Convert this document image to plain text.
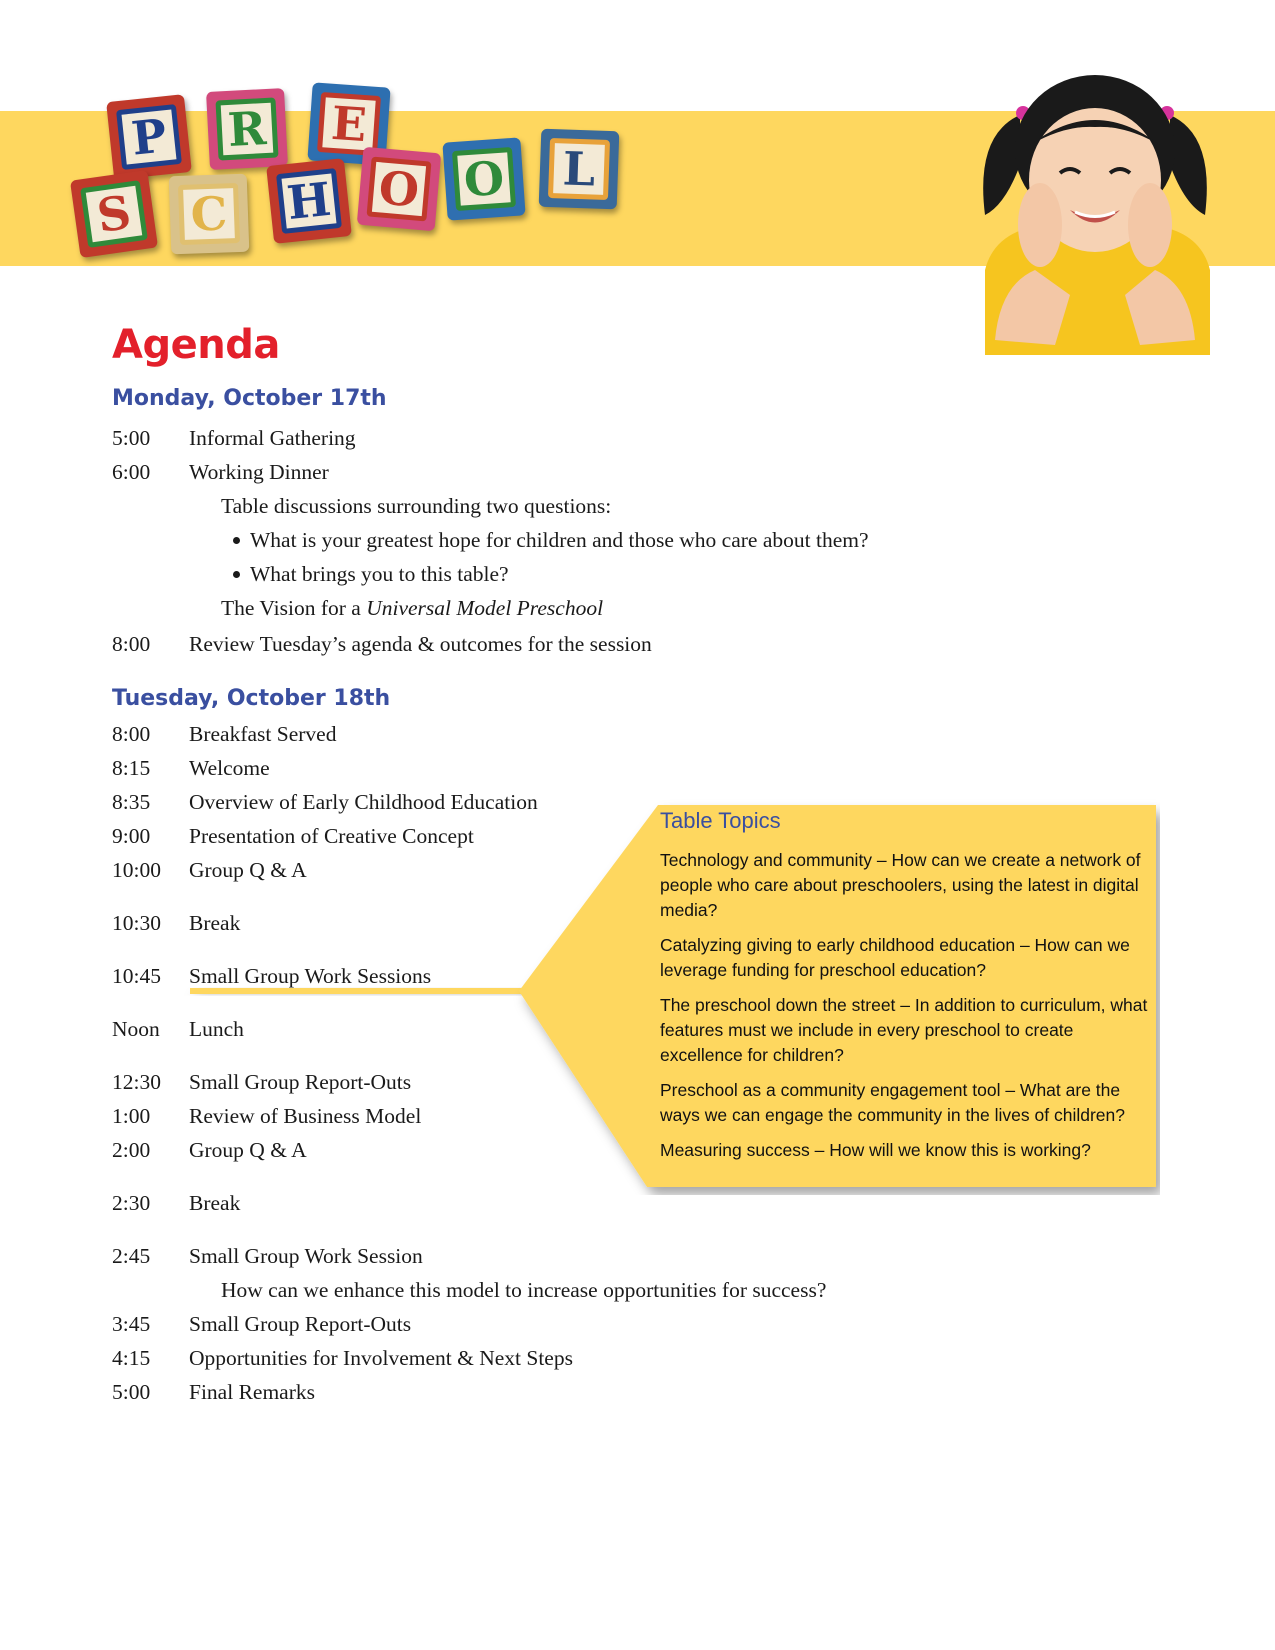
P R E
S C H O O	L
Agenda
Monday, October 17th
5:00	Informal Gathering
6:00	Working Dinner
Table discussions surrounding two questions:
What is your greatest hope for children and those who care about them?
What brings you to this table?
The Vision for a Universal Model Preschool
8:00	Review Tuesday’s agenda & outcomes for the session
Tuesday, October 18th
8:00	Breakfast Served
8:15	Welcome
8:35	Overview of Early Childhood Education
9:00	Presentation of Creative Concept
10:00	Group Q & A
10:30	Break
10:45	Small Group Work Sessions
Noon	Lunch
12:30	Small Group Report-Outs
1:00	Review of Business Model
2:00	Group Q & A
2:30	Break
2:45	Small Group Work Session
How can we enhance this model to increase opportunities for success?
3:45	Small Group Report-Outs
4:15	Opportunities for Involvement & Next Steps
5:00	Final Remarks
Table Topics

Technology and community – How can we create a network of people who care about preschoolers, using the latest in digital media?

Catalyzing giving to early childhood education – How can we leverage funding for preschool education?

The preschool down the street – In addition to curriculum, what features must we include in every preschool to create excellence for children?

Preschool as a community engagement tool – What are the ways we can engage the community in the lives of children?

Measuring success – How will we know this is working?
